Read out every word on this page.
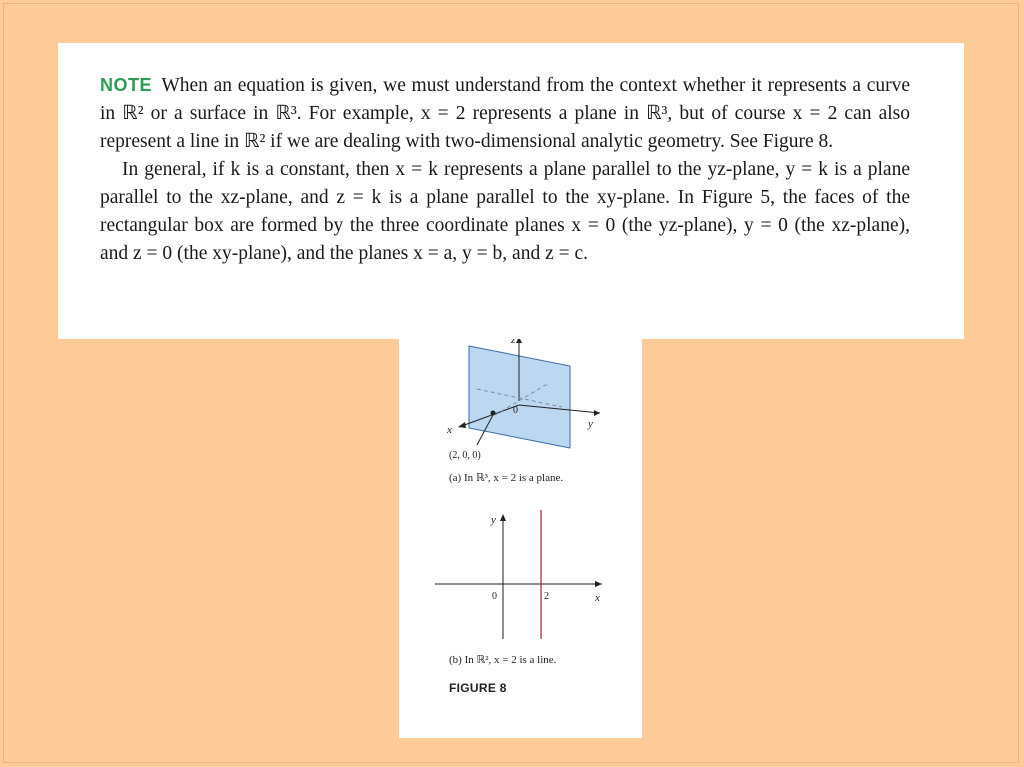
NOTE When an equation is given, we must understand from the context whether it represents a curve in ℝ² or a surface in ℝ³. For example, x = 2 represents a plane in ℝ³, but of course x = 2 can also represent a line in ℝ² if we are dealing with two-dimensional analytic geometry. See Figure 8.

In general, if k is a constant, then x = k represents a plane parallel to the yz-plane, y = k is a plane parallel to the xz-plane, and z = k is a plane parallel to the xy-plane. In Figure 5, the faces of the rectangular box are formed by the three coordinate planes x = 0 (the yz-plane), y = 0 (the xz-plane), and z = 0 (the xy-plane), and the planes x = a, y = b, and z = c.

z
y
x
0
(2, 0, 0)
(a) In ℝ³, x = 2 is a plane.
y
x
0	2
(b) In ℝ², x = 2 is a line.
FIGURE 8
